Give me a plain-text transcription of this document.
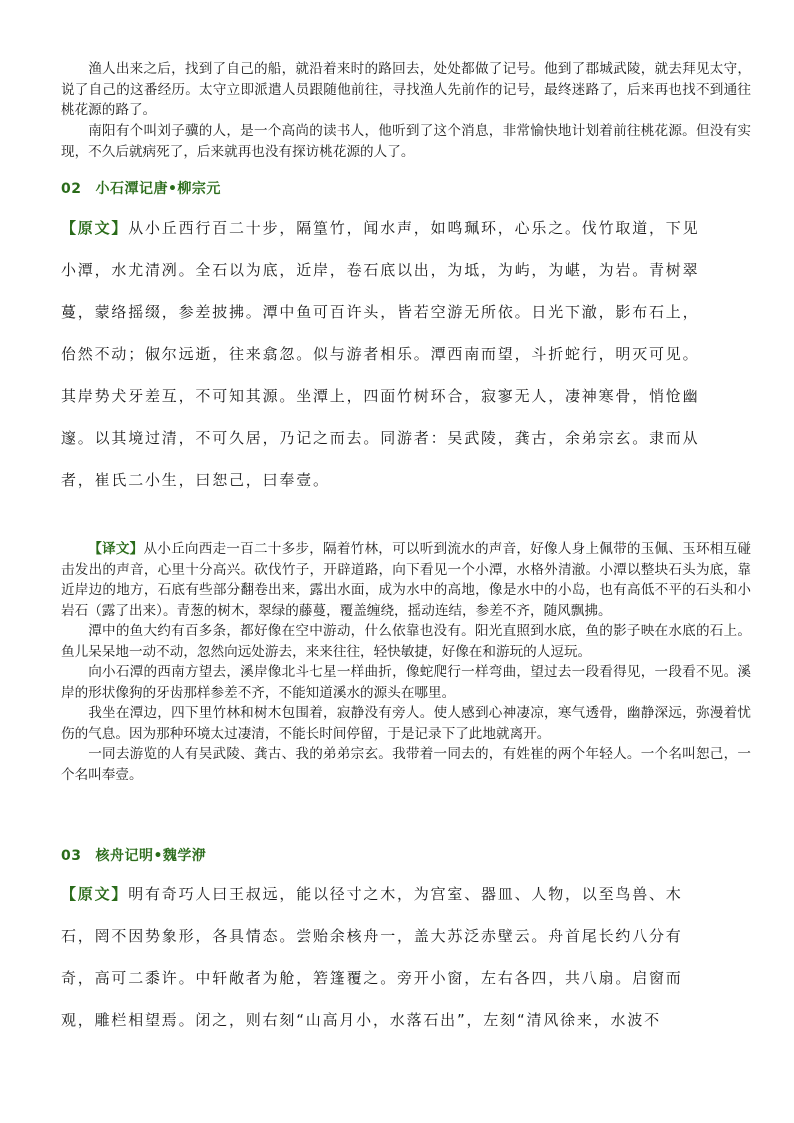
渔人出来之后，找到了自己的船，就沿着来时的路回去，处处都做了记号。他到了郡城武陵，就去拜见太守，说了自己的这番经历。太守立即派遣人员跟随他前往，寻找渔人先前作的记号，最终迷路了，后来再也找不到通往桃花源的路了。

南阳有个叫刘子骥的人，是一个高尚的读书人，他听到了这个消息，非常愉快地计划着前往桃花源。但没有实现，不久后就病死了，后来就再也没有探访桃花源的人了。

02 小石潭记唐•柳宗元

【原文】从小丘西行百二十步，隔篁竹，闻水声，如鸣珮环，心乐之。伐竹取道，下见

小潭，水尤清冽。全石以为底，近岸，卷石底以出，为坻，为屿，为嵁，为岩。青树翠

蔓，蒙络摇缀，参差披拂。潭中鱼可百许头，皆若空游无所依。日光下澈，影布石上，

佁然不动；俶尔远逝，往来翕忽。似与游者相乐。潭西南而望，斗折蛇行，明灭可见。

其岸势犬牙差互，不可知其源。坐潭上，四面竹树环合，寂寥无人，凄神寒骨，悄怆幽

邃。以其境过清，不可久居，乃记之而去。同游者：吴武陵，龚古，余弟宗玄。隶而从

者，崔氏二小生，曰恕己，曰奉壹。

【译文】从小丘向西走一百二十多步，隔着竹林，可以听到流水的声音，好像人身上佩带的玉佩、玉环相互碰击发出的声音，心里十分高兴。砍伐竹子，开辟道路，向下看见一个小潭，水格外清澈。小潭以整块石头为底，靠近岸边的地方，石底有些部分翻卷出来，露出水面，成为水中的高地，像是水中的小岛，也有高低不平的石头和小岩石（露了出来）。青葱的树木，翠绿的藤蔓，覆盖缠绕，摇动连结，参差不齐，随风飘拂。

潭中的鱼大约有百多条，都好像在空中游动，什么依靠也没有。阳光直照到水底，鱼的影子映在水底的石上。鱼儿呆呆地一动不动，忽然向远处游去，来来往往，轻快敏捷，好像在和游玩的人逗玩。

向小石潭的西南方望去，溪岸像北斗七星一样曲折，像蛇爬行一样弯曲，望过去一段看得见，一段看不见。溪岸的形状像狗的牙齿那样参差不齐，不能知道溪水的源头在哪里。

我坐在潭边，四下里竹林和树木包围着，寂静没有旁人。使人感到心神凄凉，寒气透骨，幽静深远，弥漫着忧伤的气息。因为那种环境太过凄清，不能长时间停留，于是记录下了此地就离开。

一同去游览的人有吴武陵、龚古、我的弟弟宗玄。我带着一同去的，有姓崔的两个年轻人。一个名叫恕己，一个名叫奉壹。

03 核舟记明•魏学洢

【原文】明有奇巧人曰王叔远，能以径寸之木，为宫室、器皿、人物，以至鸟兽、木

石，罔不因势象形，各具情态。尝贻余核舟一，盖大苏泛赤壁云。舟首尾长约八分有

奇，高可二黍许。中轩敞者为舱，箬篷覆之。旁开小窗，左右各四，共八扇。启窗而

观，雕栏相望焉。闭之，则右刻“山高月小，水落石出”，左刻“清风徐来，水波不
